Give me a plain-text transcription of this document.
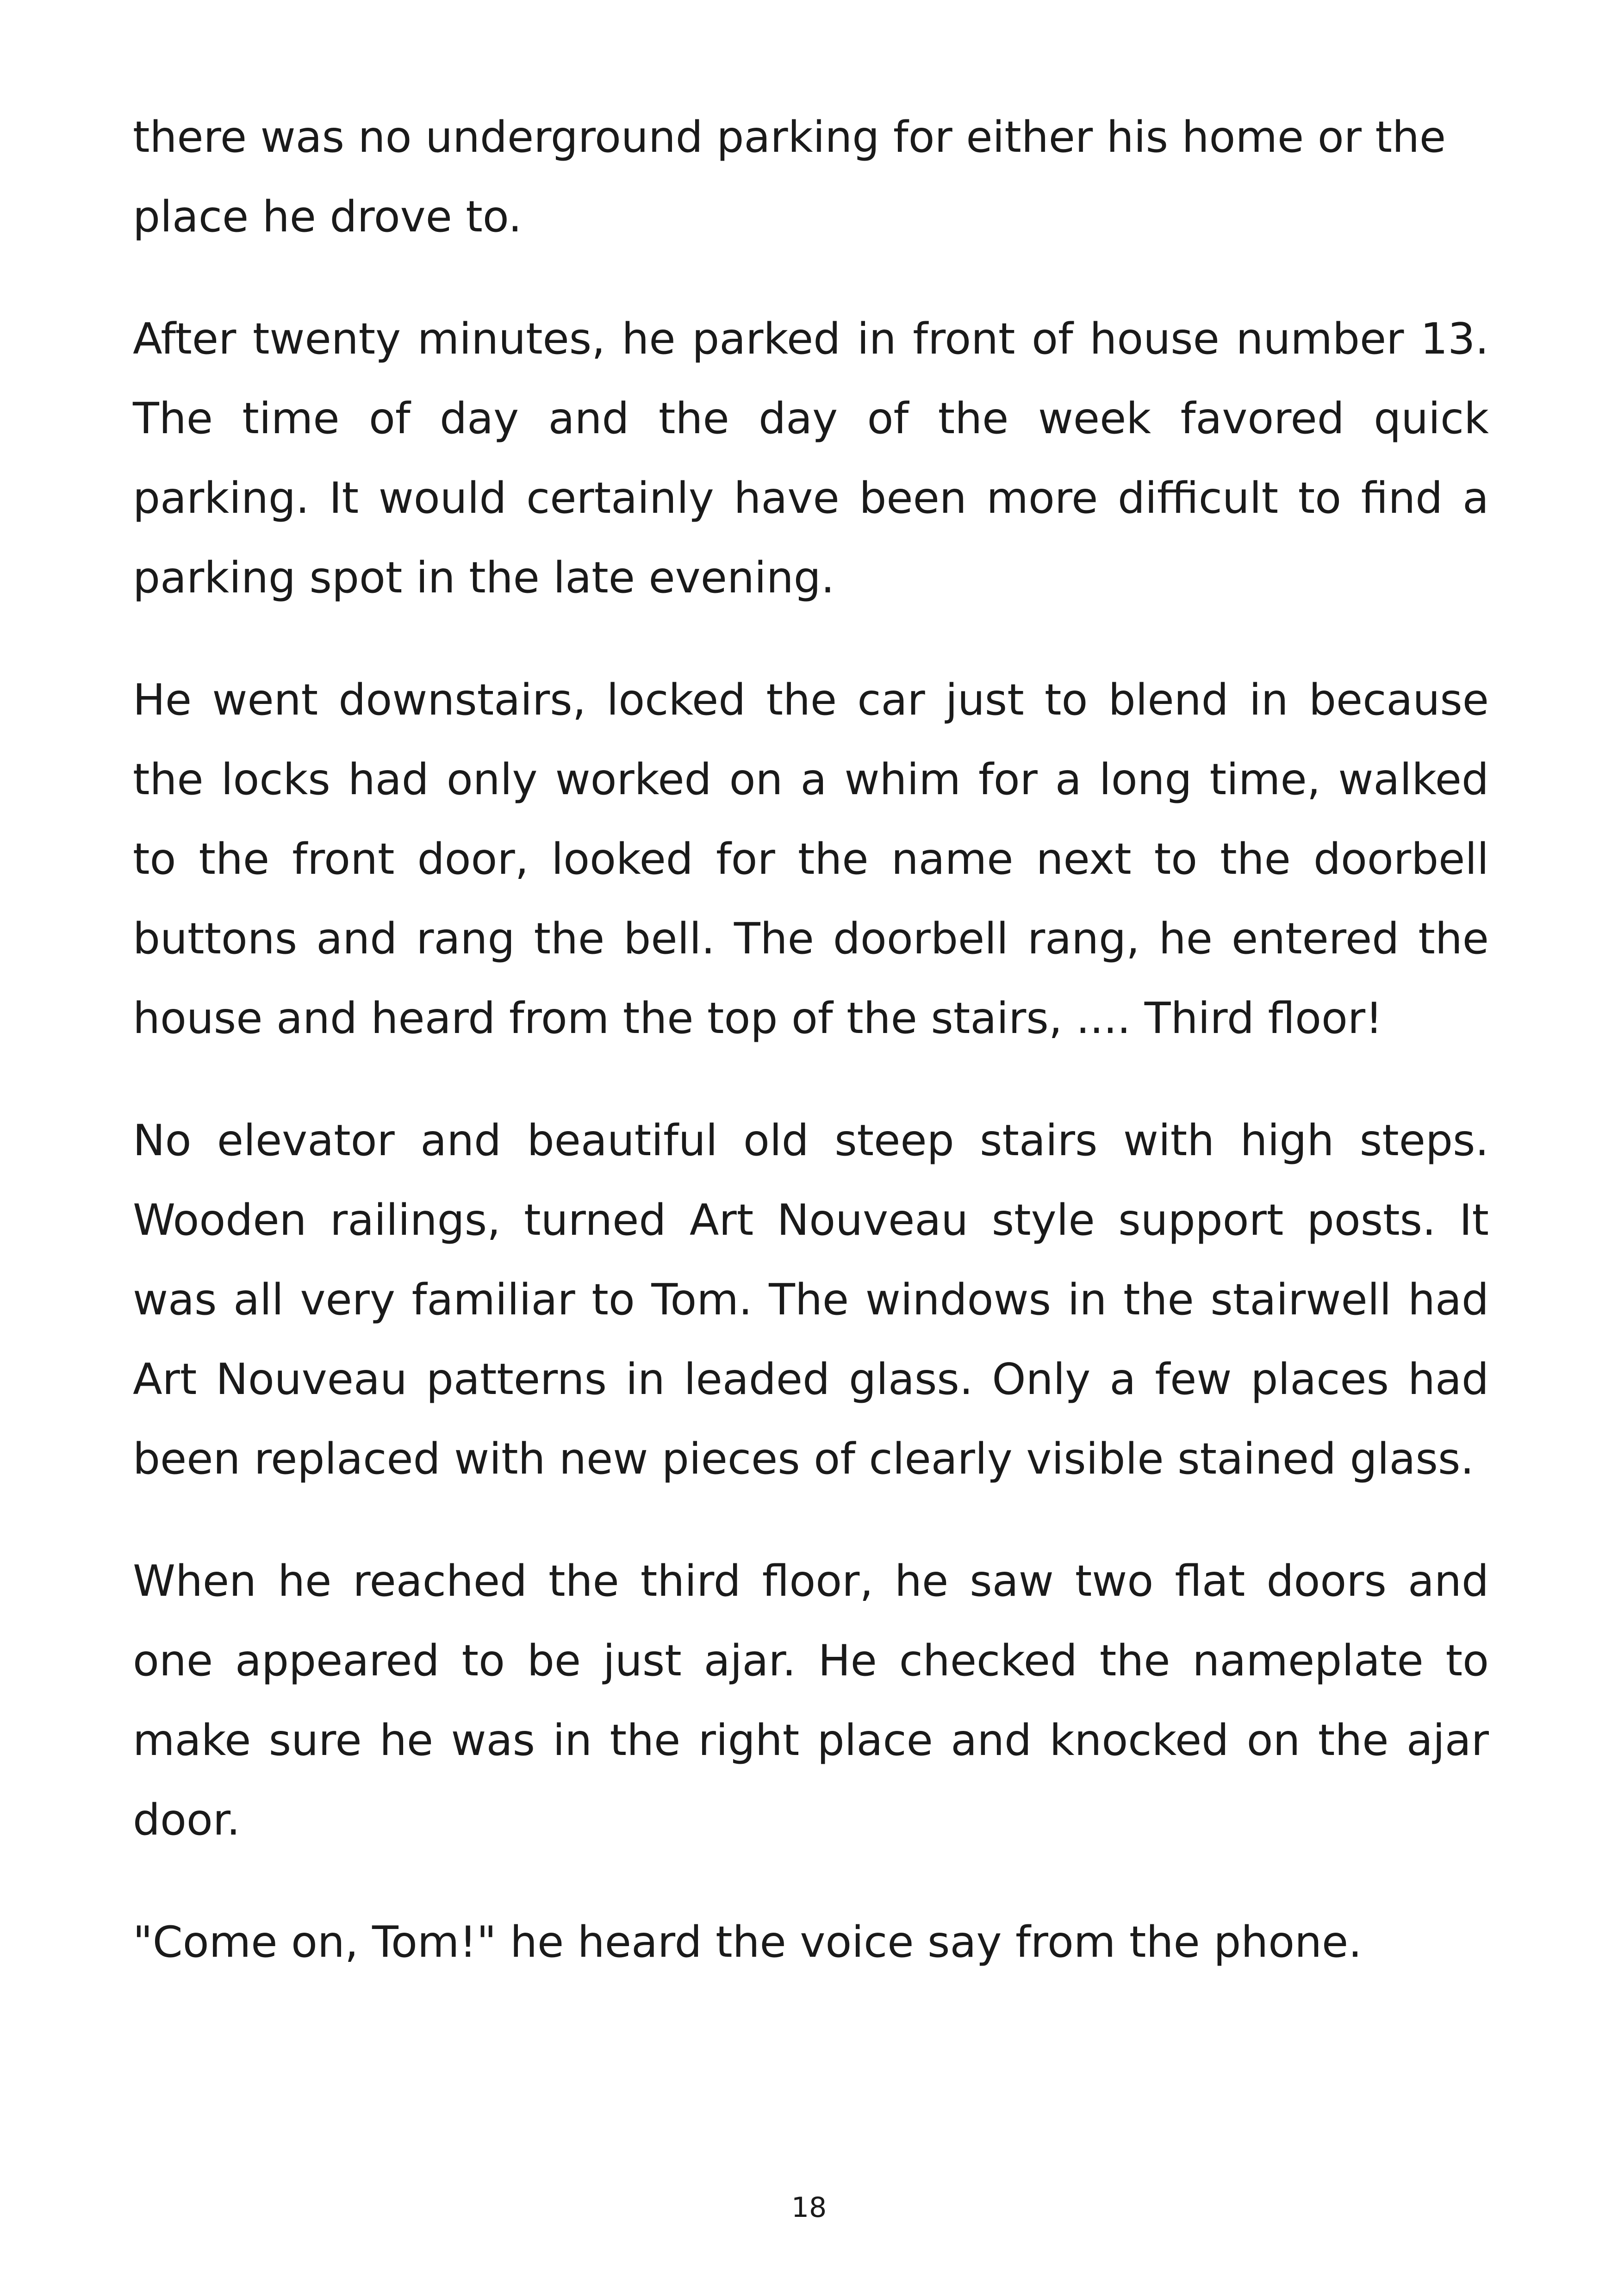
there was no underground parking for either his home or the place he drove to.

After twenty minutes, he parked in front of house number 13. The time of day and the day of the week favored quick parking. It would certainly have been more difficult to find a parking spot in the late evening.

He went downstairs, locked the car just to blend in because the locks had only worked on a whim for a long time, walked to the front door, looked for the name next to the doorbell buttons and rang the bell. The doorbell rang, he entered the house and heard from the top of the stairs, .... Third floor!

No elevator and beautiful old steep stairs with high steps. Wooden railings, turned Art Nouveau style support posts. It was all very familiar to Tom. The windows in the stairwell had Art Nouveau patterns in leaded glass. Only a few places had been replaced with new pieces of clearly visible stained glass.

When he reached the third floor, he saw two flat doors and one appeared to be just ajar. He checked the nameplate to make sure he was in the right place and knocked on the ajar door.

"Come on, Tom!" he heard the voice say from the phone.

18
